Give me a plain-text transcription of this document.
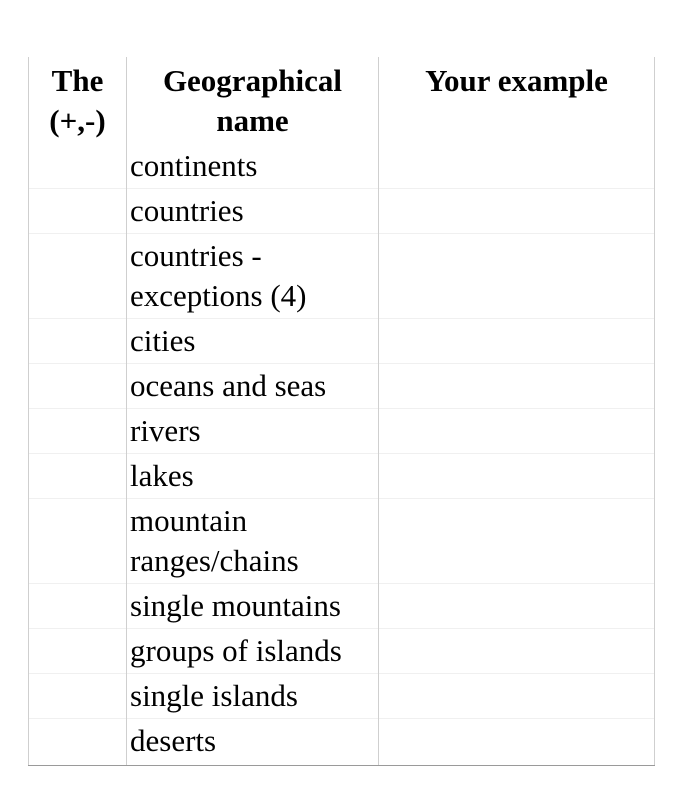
The (+,-)	Geographical name	Your example
	continents	
	countries	
	countries - exceptions (4)	
	cities	
	oceans and seas	
	rivers	
	lakes	
	mountain ranges/chains	
	single mountains	
	groups of islands	
	single islands	
	deserts	
